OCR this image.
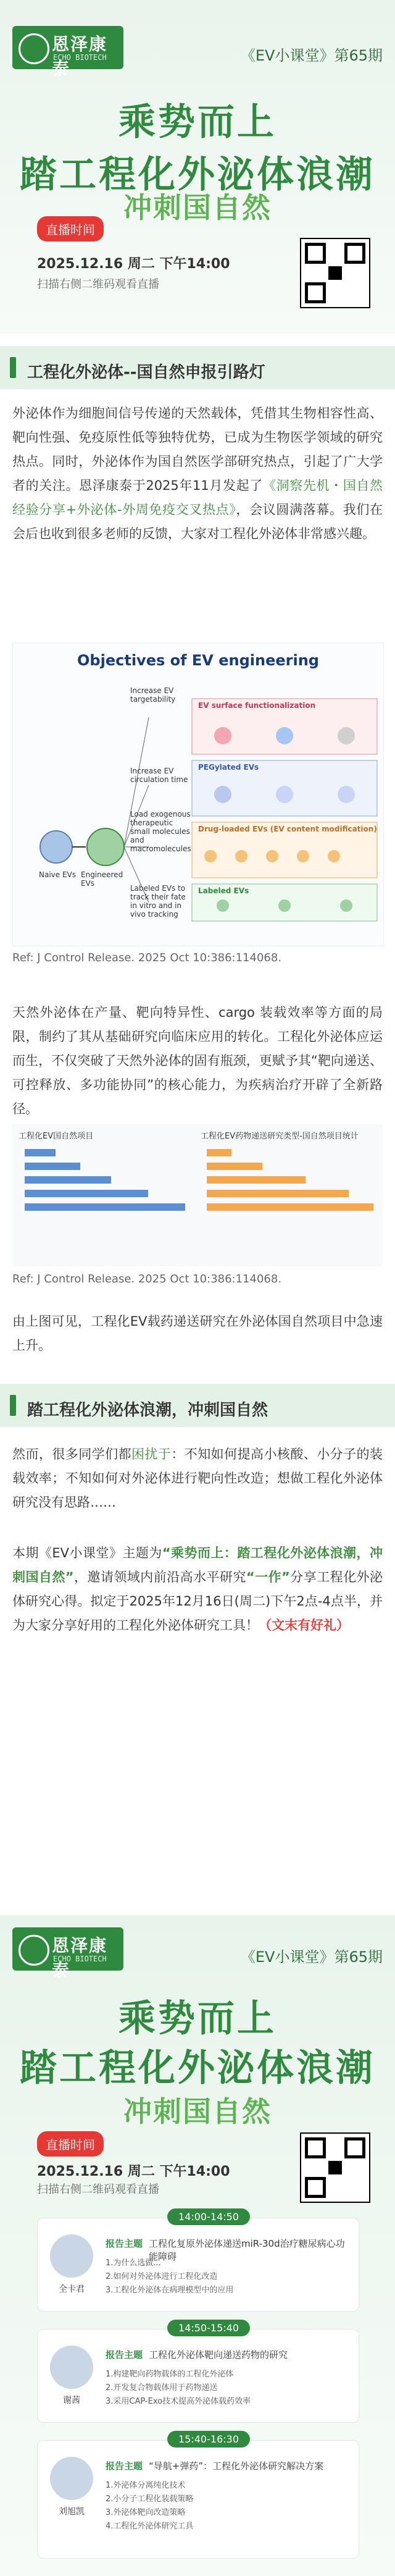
恩泽康泰
ECHO BIOTECH	《EV小课堂》第65期
乘势而上
踏工程化外泌体浪潮
冲刺国自然
直播时间
2025.12.16 周二 下午14:00
扫描右侧二维码观看直播
工程化外泌体--国自然申报引路灯
外泌体作为细胞间信号传递的天然载体，凭借其生物相容性高、靶向性强、免疫原性低等独特优势，已成为生物医学领域的研究热点。同时，外泌体作为国自然医学部研究热点，引起了广大学者的关注。恩泽康泰于2025年11月发起了《洞察先机・国自然经验分享+外泌体-外周免疫交叉热点》，会议圆满落幕。我们在会后也收到很多老师的反馈，大家对工程化外泌体非常感兴趣。
Objectives of EV engineering
Naive EVs Engineered EVs
EV surface functionalization
PEGylated EVs
Drug-loaded EVs (EV content modification)
Labeled EVs
Increase EV targetability
Increase EV circulation time
Load exogenous therapeutic small molecules and macromolecules
Labeled EVs to track their fate in vitro and in vivo tracking
Ref: J Control Release. 2025 Oct 10:386:114068.
天然外泌体在产量、靶向特异性、cargo 装载效率等方面的局限，制约了其从基础研究向临床应用的转化。工程化外泌体应运而生，不仅突破了天然外泌体的固有瓶颈，更赋予其“靶向递送、可控释放、多功能协同”的核心能力，为疾病治疗开辟了全新路径。
工程化EV国自然项目	工程化EV药物递送研究类型-国自然项目统计
Ref: J Control Release. 2025 Oct 10:386:114068.
由上图可见，工程化EV载药递送研究在外泌体国自然项目中急速上升。
踏工程化外泌体浪潮，冲刺国自然
然而，很多同学们都困扰于：不知如何提高小核酸、小分子的装载效率；不知如何对外泌体进行靶向性改造；想做工程化外泌体研究没有思路……
本期《EV小课堂》主题为“乘势而上：踏工程化外泌体浪潮，冲刺国自然”，邀请领域内前沿高水平研究“一作”分享工程化外泌体研究心得。拟定于2025年12月16日(周二)下午2点-4点半，并为大家分享好用的工程化外泌体研究工具！（文末有好礼）
恩泽康泰
ECHO BIOTECH	《EV小课堂》第65期
乘势而上
踏工程化外泌体浪潮
冲刺国自然
直播时间
2025.12.16 周二 下午14:00
扫描右侧二维码观看直播
14:00-14:50
全卡君
报告主题 工程化复原外泌体递送miR-30d治疗糖尿病心功能障碍
1.为什么选做...
2.如何对外泌体进行工程化改造
3.工程化外泌体在病理模型中的应用
14:50-15:40
谢茜
报告主题 工程化外泌体靶向递送药物的研究
1.构建靶向药物载体的工程化外泌体
2.开发复合物载体用于药物递送
3.采用CAP-Exo技术提高外泌体载药效率
15:40-16:30
刘旭凯
报告主题 “导航+弹药”：工程化外泌体研究解决方案
1.外泌体分离纯化技术
2.小分子工程化装载策略
3.外泌体靶向改造策略
4.工程化外泌体研究工具
